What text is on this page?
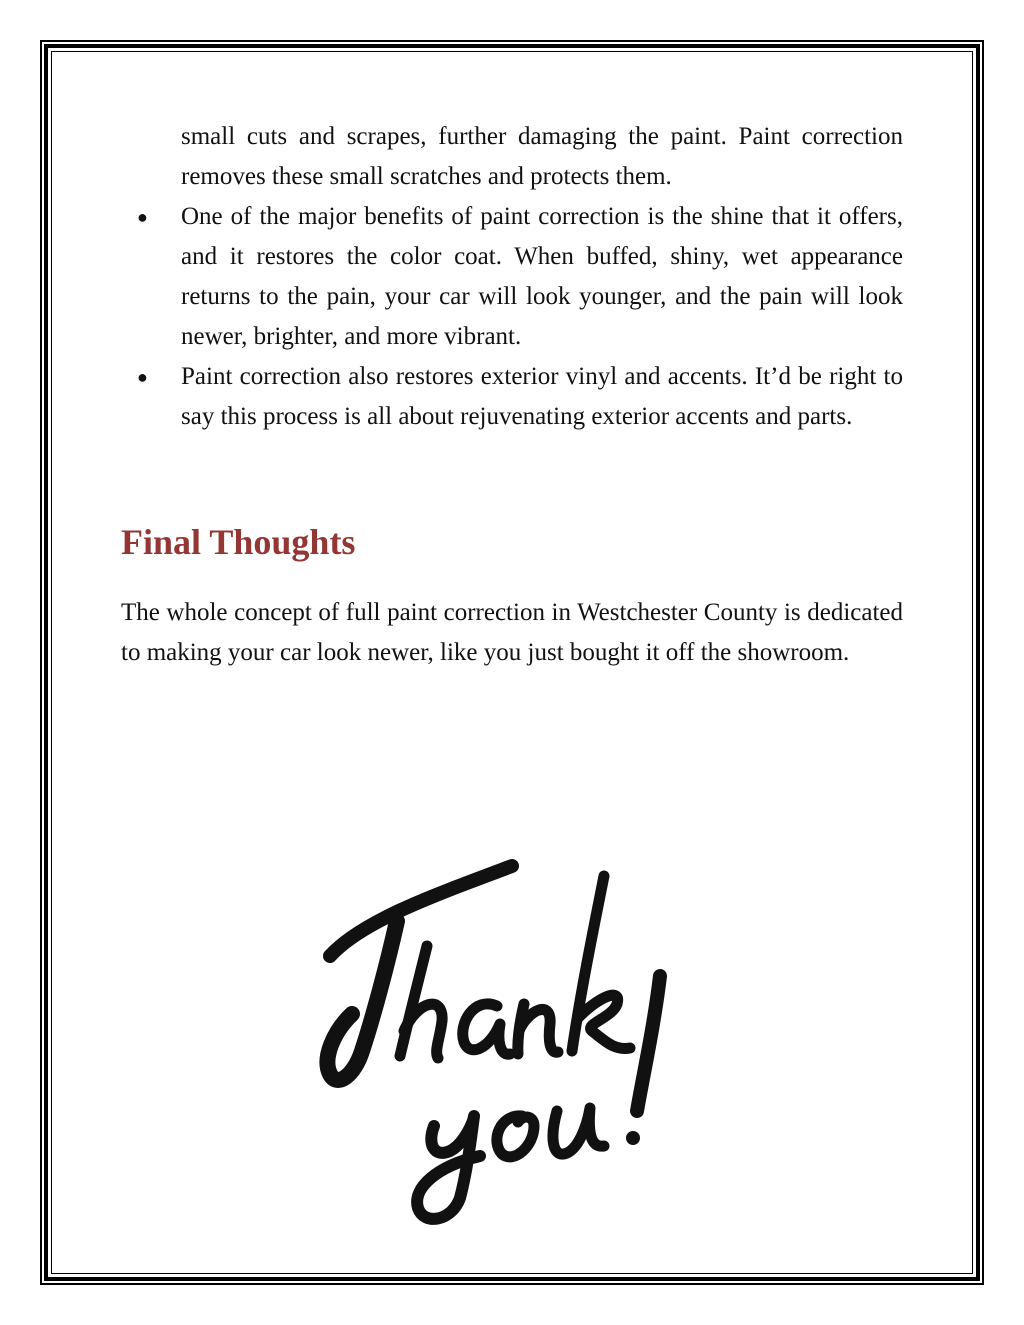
small cuts and scrapes, further damaging the paint. Paint correction removes these small scratches and protects them.
● One of the major benefits of paint correction is the shine that it offers, and it restores the color coat. When buffed, shiny, wet appearance returns to the pain, your car will look younger, and the pain will look newer, brighter, and more vibrant.
● Paint correction also restores exterior vinyl and accents. It’d be right to say this process is all about rejuvenating exterior accents and parts.
Final Thoughts

The whole concept of full paint correction in Westchester County is dedicated to making your car look newer, like you just bought it off the showroom.
